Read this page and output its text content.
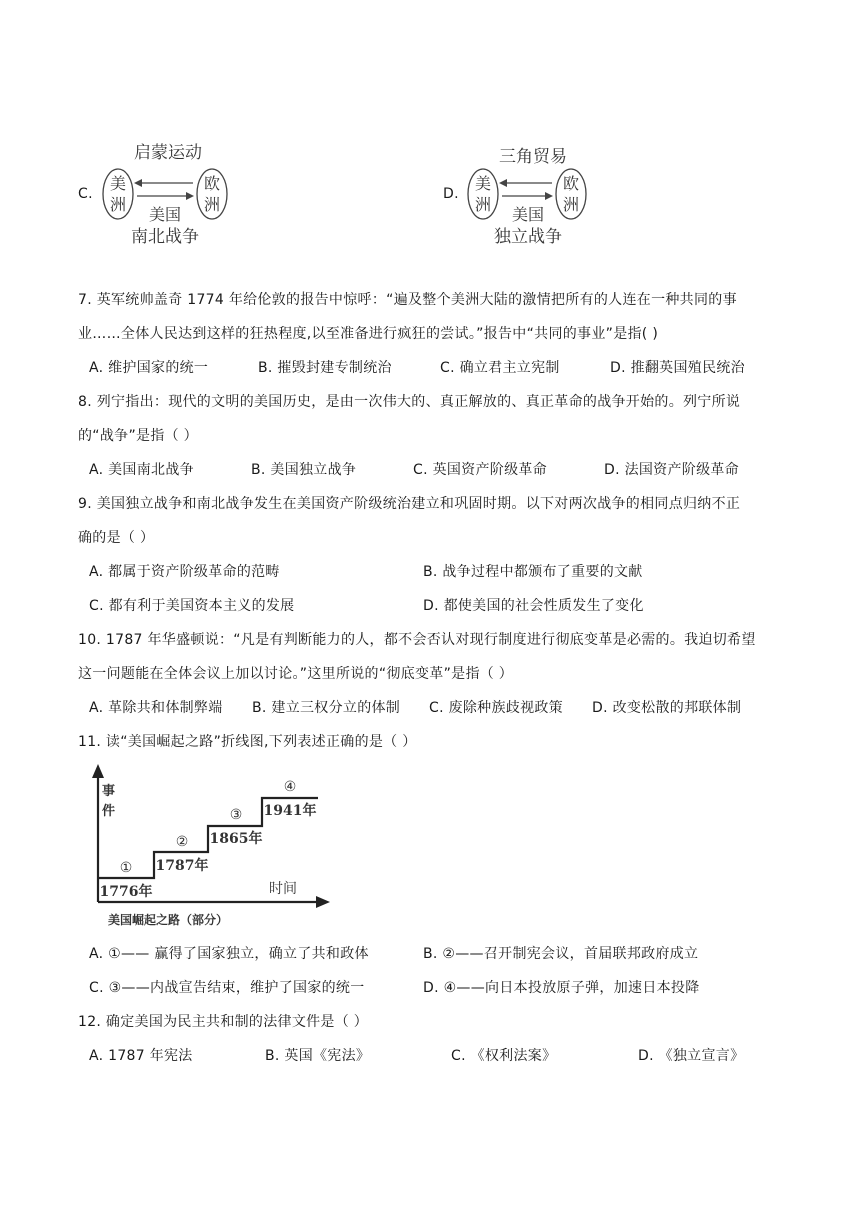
C.
启蒙运动
美
洲
欧
洲
美国
南北战争
D.
三角贸易
美
洲
欧
洲
美国
独立战争
7. 英军统帅盖奇 1774 年给伦敦的报告中惊呼：“遍及整个美洲大陆的激情把所有的人连在一种共同的事
业……全体人民达到这样的狂热程度,以至准备进行疯狂的尝试。”报告中“共同的事业”是指( )
A. 维护国家的统一	B. 摧毁封建专制统治	C. 确立君主立宪制	D. 推翻英国殖民统治
8. 列宁指出：现代的文明的美国历史，是由一次伟大的、真正解放的、真正革命的战争开始的。列宁所说
的“战争”是指（ ）
A. 美国南北战争	B. 美国独立战争	C. 英国资产阶级革命	D. 法国资产阶级革命
9. 美国独立战争和南北战争发生在美国资产阶级统治建立和巩固时期。以下对两次战争的相同点归纳不正
确的是（ ）
A. 都属于资产阶级革命的范畴	B. 战争过程中都颁布了重要的文献
C. 都有利于美国资本主义的发展	D. 都使美国的社会性质发生了变化
10. 1787 年华盛顿说：“凡是有判断能力的人，都不会否认对现行制度进行彻底变革是必需的。我迫切希望
这一问题能在全体会议上加以讨论。”这里所说的“彻底变革”是指（ ）
A. 革除共和体制弊端 B. 建立三权分立的体制 C. 废除种族歧视政策 D. 改变松散的邦联体制
11. 读“美国崛起之路”折线图,下列表述正确的是（ ）
事
件
时间
①
1776年
②
1787年
③
1865年
④
1941年
美国崛起之路（部分）
A. ①—— 赢得了国家独立，确立了共和政体	B. ②——召开制宪会议，首届联邦政府成立
C. ③——内战宣告结束，维护了国家的统一	D. ④——向日本投放原子弹，加速日本投降
12. 确定美国为民主共和制的法律文件是（ ）
A. 1787 年宪法	B. 英国《宪法》	C. 《权利法案》	D. 《独立宣言》
